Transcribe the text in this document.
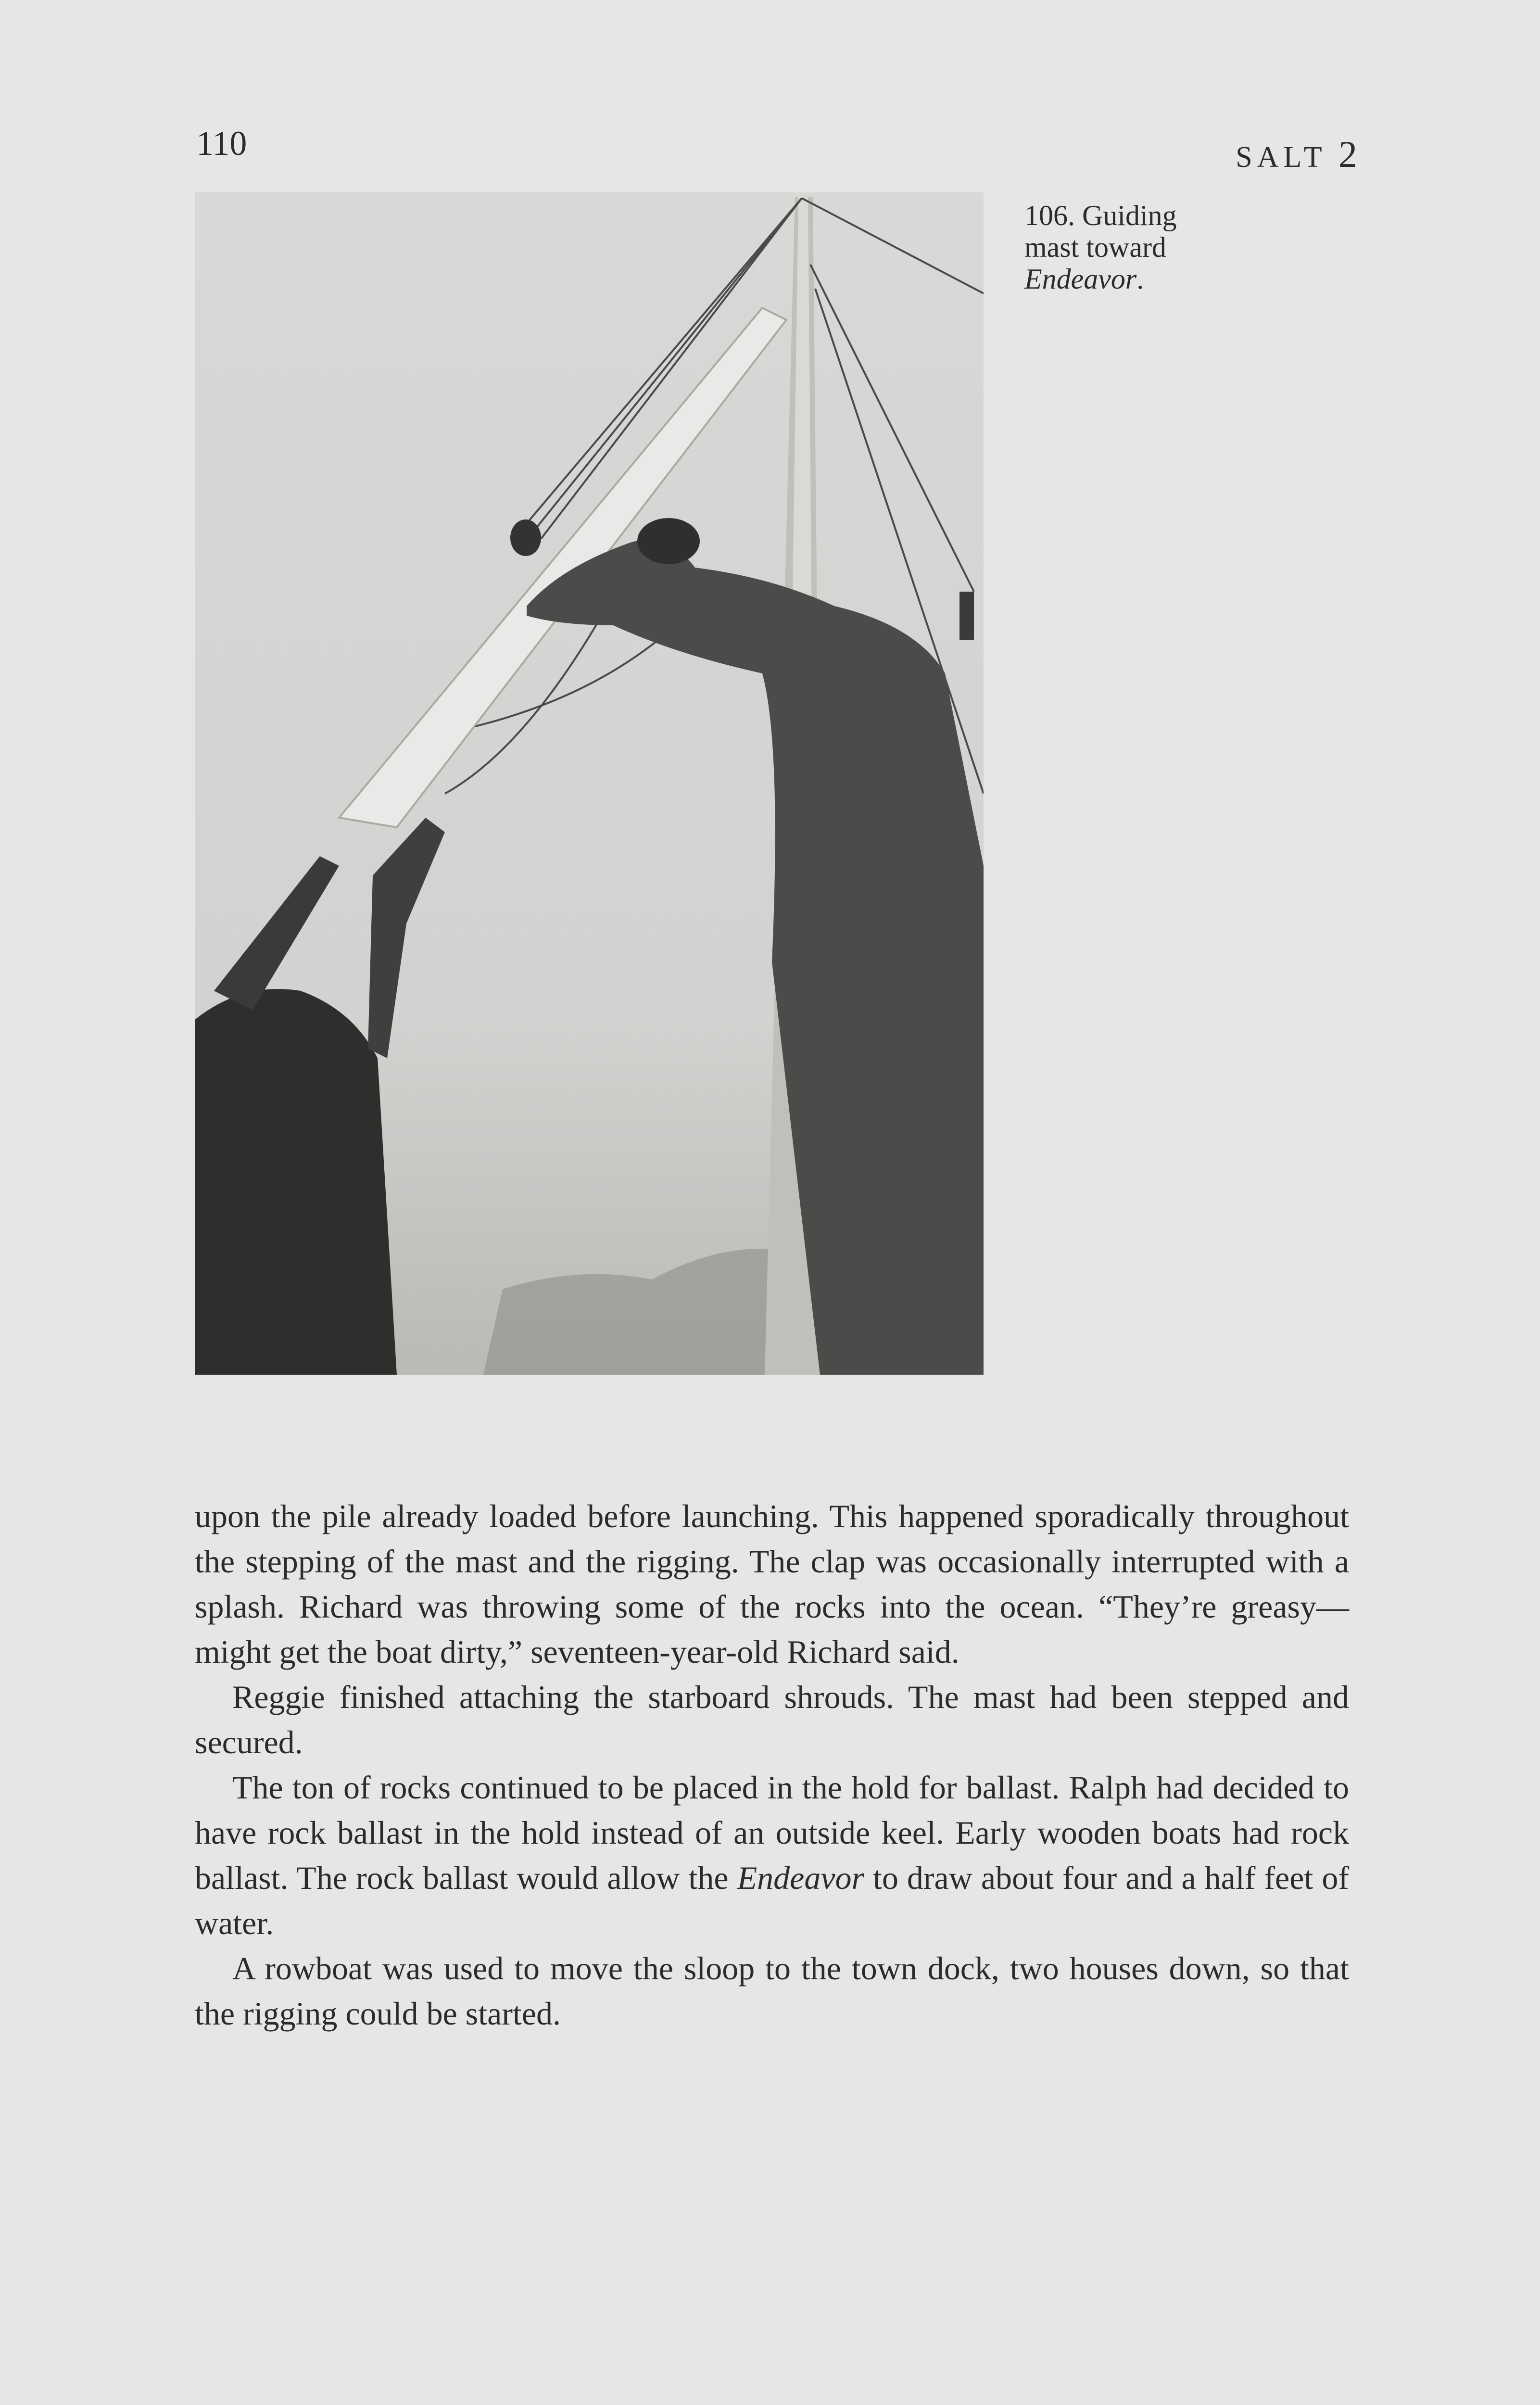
110	SALT 2
106. Guiding
mast toward
Endeavor.

upon the pile already loaded before launching. This happened sporadically throughout the stepping of the mast and the rigging. The clap was occasionally interrupted with a splash. Richard was throwing some of the rocks into the ocean. “They’re greasy—might get the boat dirty,” seventeen-year-old Richard said.

Reggie finished attaching the starboard shrouds. The mast had been stepped and secured.

The ton of rocks continued to be placed in the hold for ballast. Ralph had decided to have rock ballast in the hold instead of an outside keel. Early wooden boats had rock ballast. The rock ballast would allow the Endeavor to draw about four and a half feet of water.

A rowboat was used to move the sloop to the town dock, two houses down, so that the rigging could be started.
